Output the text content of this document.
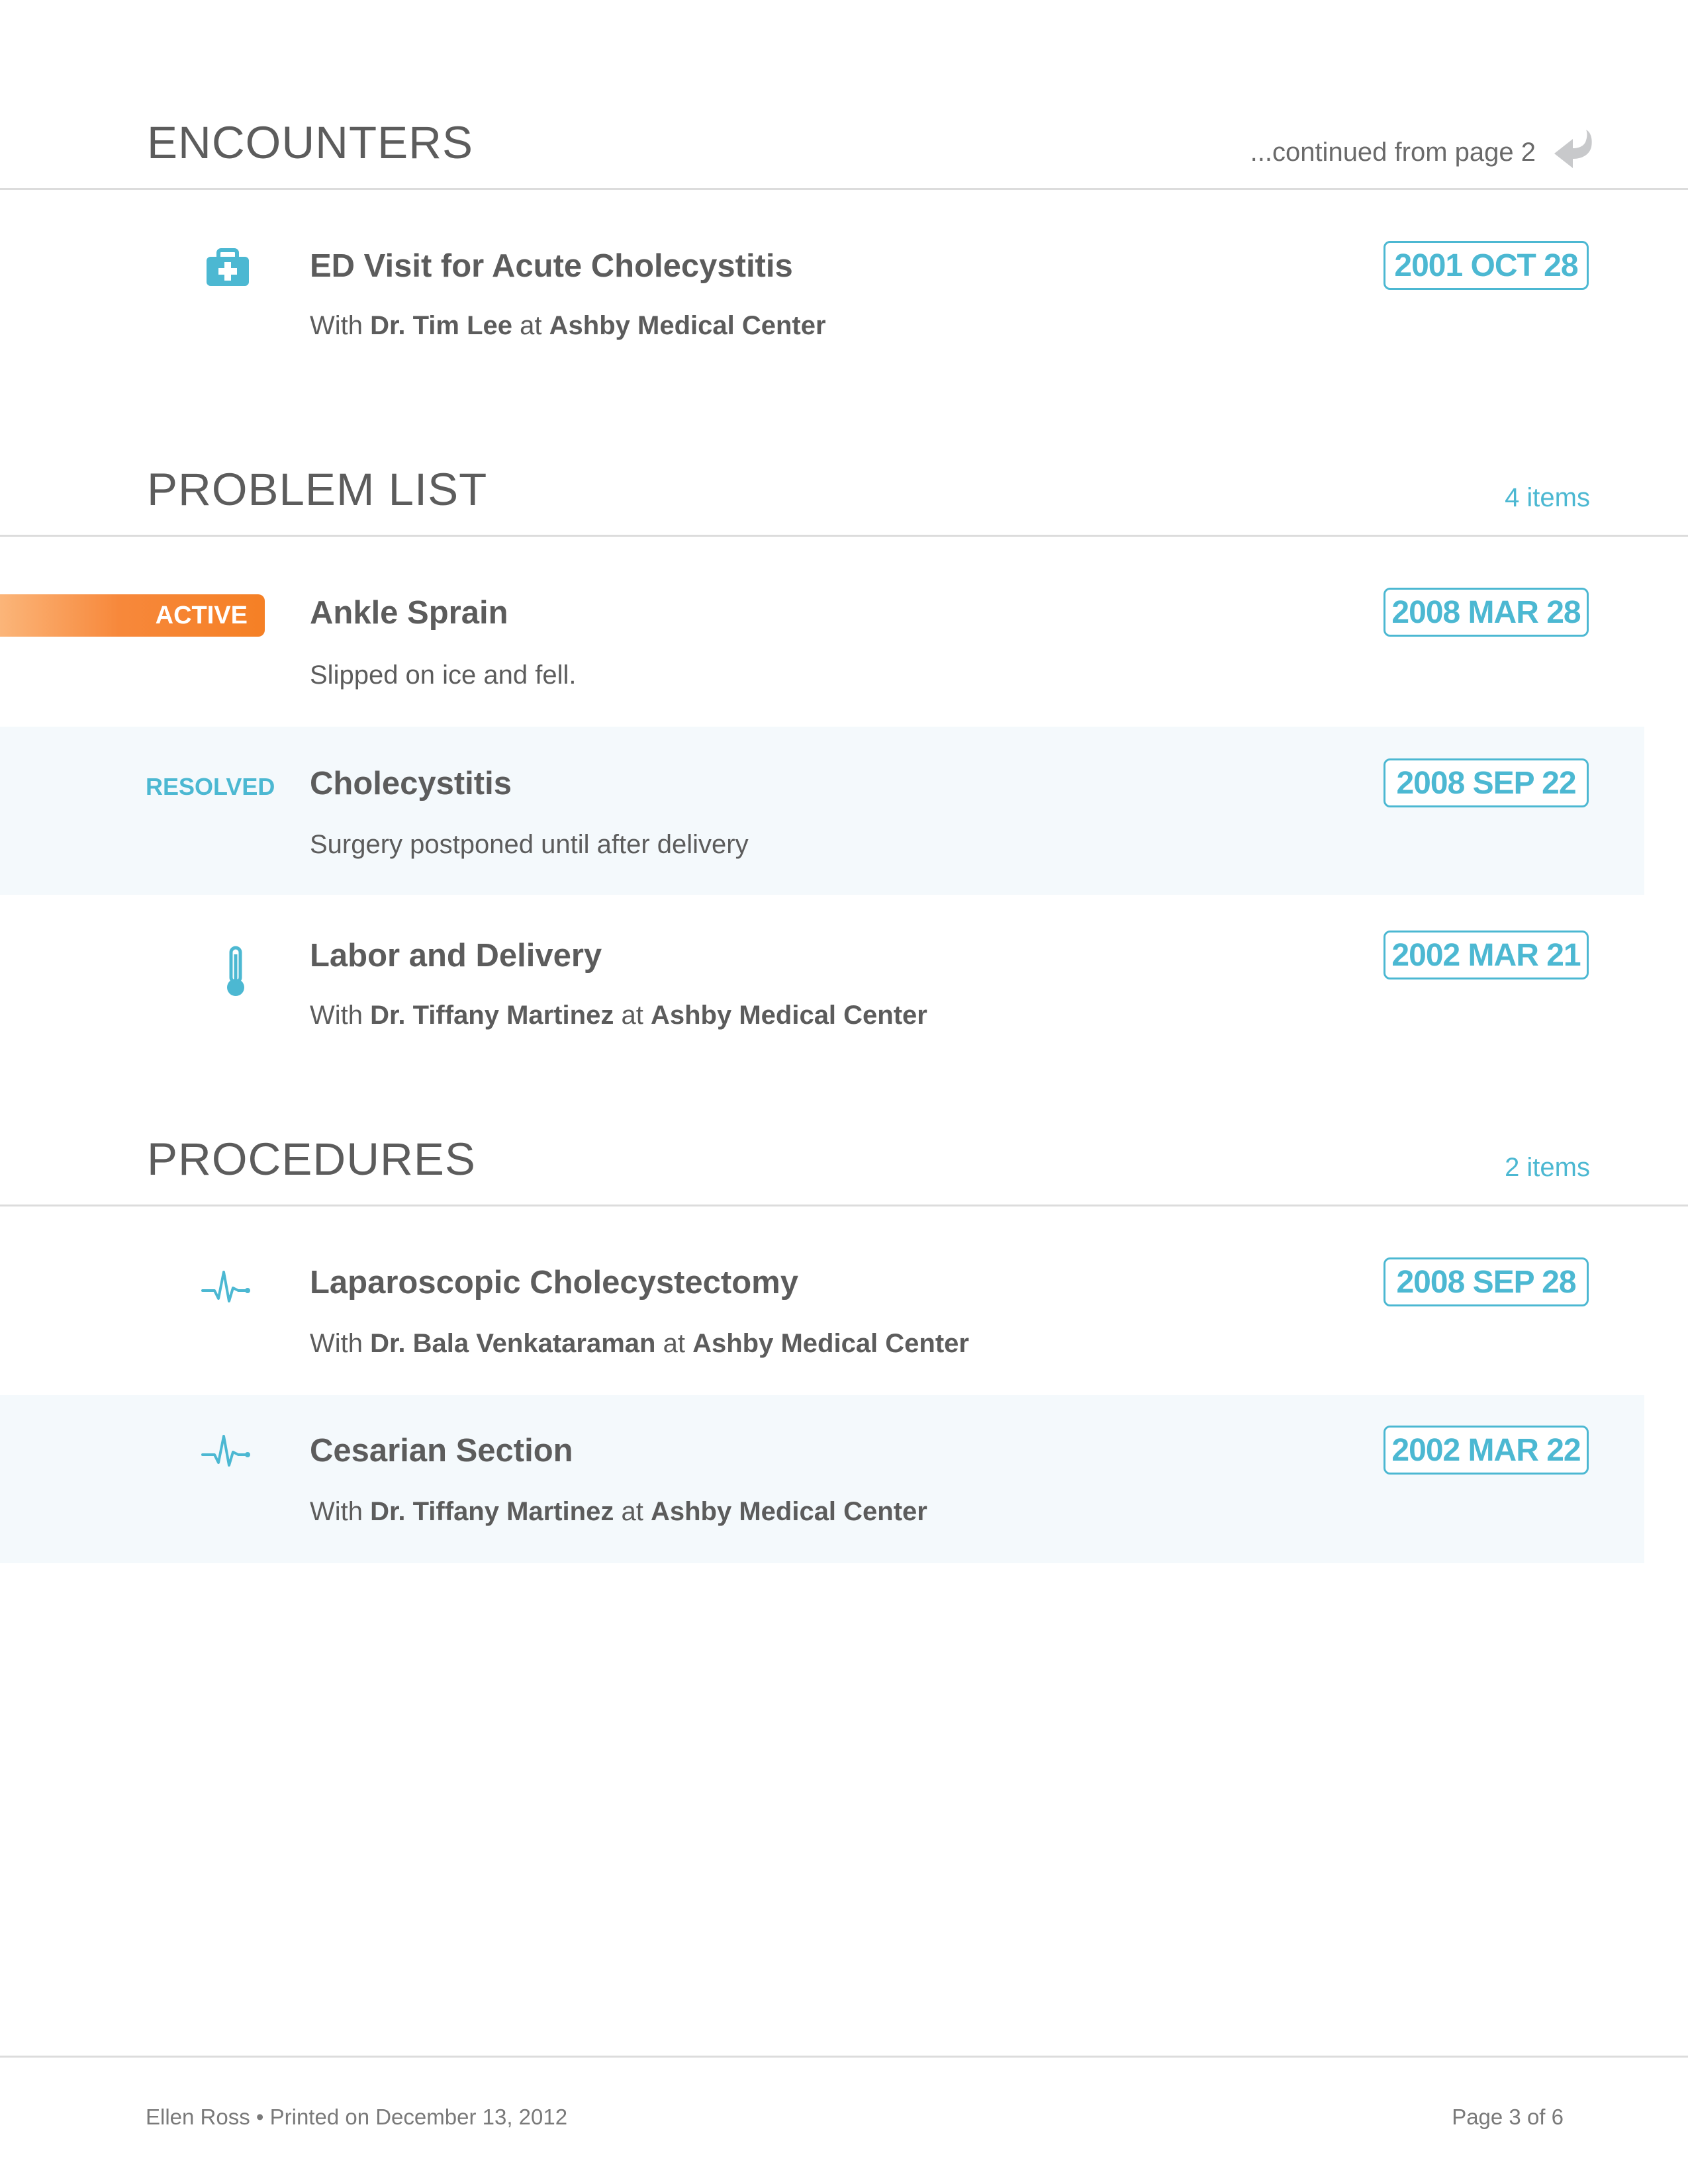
ENCOUNTERS	...continued from page 2
ED Visit for Acute Cholecystitis
With Dr. Tim Lee at Ashby Medical Center
2001 OCT 28
PROBLEM LIST	4 items
ACTIVE	Ankle Sprain
Slipped on ice and fell.
2008 MAR 28
RESOLVED Cholecystitis
Surgery postponed until after delivery
2008 SEP 22
Labor and Delivery
With Dr. Tiffany Martinez at Ashby Medical Center
2002 MAR 21
PROCEDURES	2 items
Laparoscopic Cholecystectomy
With Dr. Bala Venkataraman at Ashby Medical Center
2008 SEP 28
Cesarian Section
With Dr. Tiffany Martinez at Ashby Medical Center
2002 MAR 22
Ellen Ross • Printed on December 13, 2012	Page 3 of 6
